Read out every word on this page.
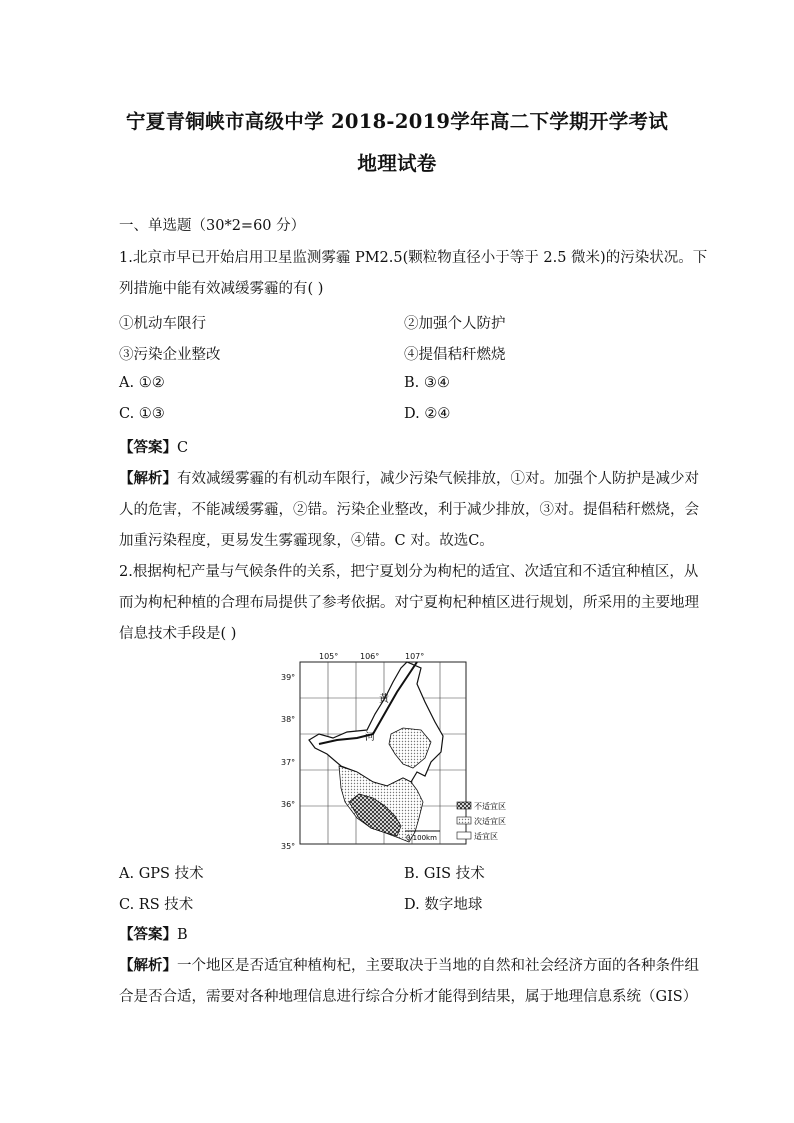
宁夏青铜峡市高级中学 2018-2019学年高二下学期开学考试
地理试卷
一、单选题（30*2=60 分）
1.北京市早已开始启用卫星监测雾霾 PM2.5(颗粒物直径小于等于 2.5 微米)的污染状况。下
列措施中能有效减缓雾霾的有( )
①机动车限行	②加强个人防护
③污染企业整改	④提倡秸秆燃烧
A. ①②	B. ③④
C. ①③	D. ②④
【答案】C
【解析】有效减缓雾霾的有机动车限行，减少污染气候排放，①对。加强个人防护是减少对
人的危害，不能减缓雾霾，②错。污染企业整改，利于减少排放，③对。提倡秸秆燃烧，会
加重污染程度，更易发生雾霾现象，④错。C 对。故选C。
2.根据枸杞产量与气候条件的关系，把宁夏划分为枸杞的适宜、次适宜和不适宜种植区，从
而为枸杞种植的合理布局提供了参考依据。对宁夏枸杞种植区进行规划，所采用的主要地理
信息技术手段是( )
105°	106°	107°
39°
38°
37°
36°
35°
黄
河
不适宜区
次适宜区
适宜区
0 100km
A. GPS 技术	B. GIS 技术
C. RS 技术	D. 数字地球
【答案】B
【解析】一个地区是否适宜种植枸杞，主要取决于当地的自然和社会经济方面的各种条件组
合是否合适，需要对各种地理信息进行综合分析才能得到结果，属于地理信息系统（GIS）
